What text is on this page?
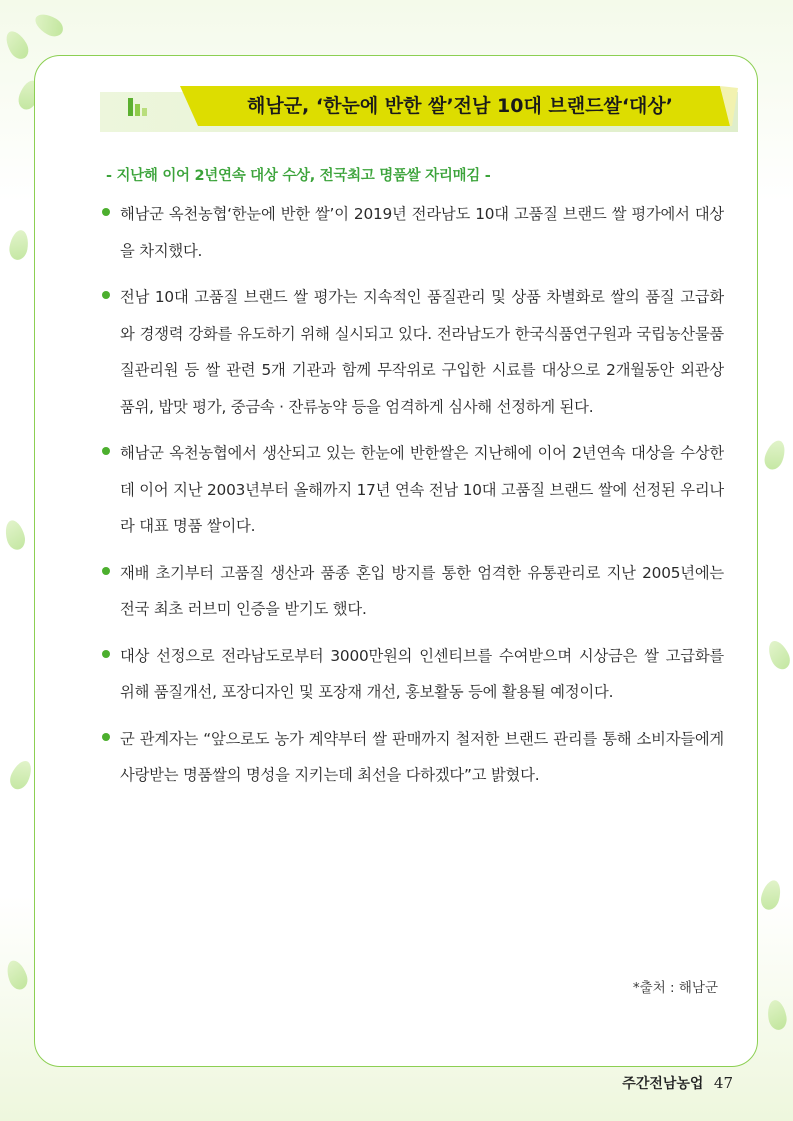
해남군, ‘한눈에 반한 쌀’전남 10대 브랜드쌀‘대상’
- 지난해 이어 2년연속 대상 수상, 전국최고 명품쌀 자리매김 -
해남군 옥천농협‘한눈에 반한 쌀’이 2019년 전라남도 10대 고품질 브랜드 쌀 평가에서 대상을 차지했다.
전남 10대 고품질 브랜드 쌀 평가는 지속적인 품질관리 및 상품 차별화로 쌀의 품질 고급화와 경쟁력 강화를 유도하기 위해 실시되고 있다. 전라남도가 한국식품연구원과 국립농산물품질관리원 등 쌀 관련 5개 기관과 함께 무작위로 구입한 시료를 대상으로 2개월동안 외관상 품위, 밥맛 평가, 중금속 · 잔류농약 등을 엄격하게 심사해 선정하게 된다.
해남군 옥천농협에서 생산되고 있는 한눈에 반한쌀은 지난해에 이어 2년연속 대상을 수상한데 이어 지난 2003년부터 올해까지 17년 연속 전남 10대 고품질 브랜드 쌀에 선정된 우리나라 대표 명품 쌀이다.
재배 초기부터 고품질 생산과 품종 혼입 방지를 통한 엄격한 유통관리로 지난 2005년에는 전국 최초 러브미 인증을 받기도 했다.
대상 선정으로 전라남도로부터 3000만원의 인센티브를 수여받으며 시상금은 쌀 고급화를 위해 품질개선, 포장디자인 및 포장재 개선, 홍보활동 등에 활용될 예정이다.
군 관계자는 “앞으로도 농가 계약부터 쌀 판매까지 철저한 브랜드 관리를 통해 소비자들에게 사랑받는 명품쌀의 명성을 지키는데 최선을 다하겠다”고 밝혔다.
*출처 : 해남군
주간전남농업 47
